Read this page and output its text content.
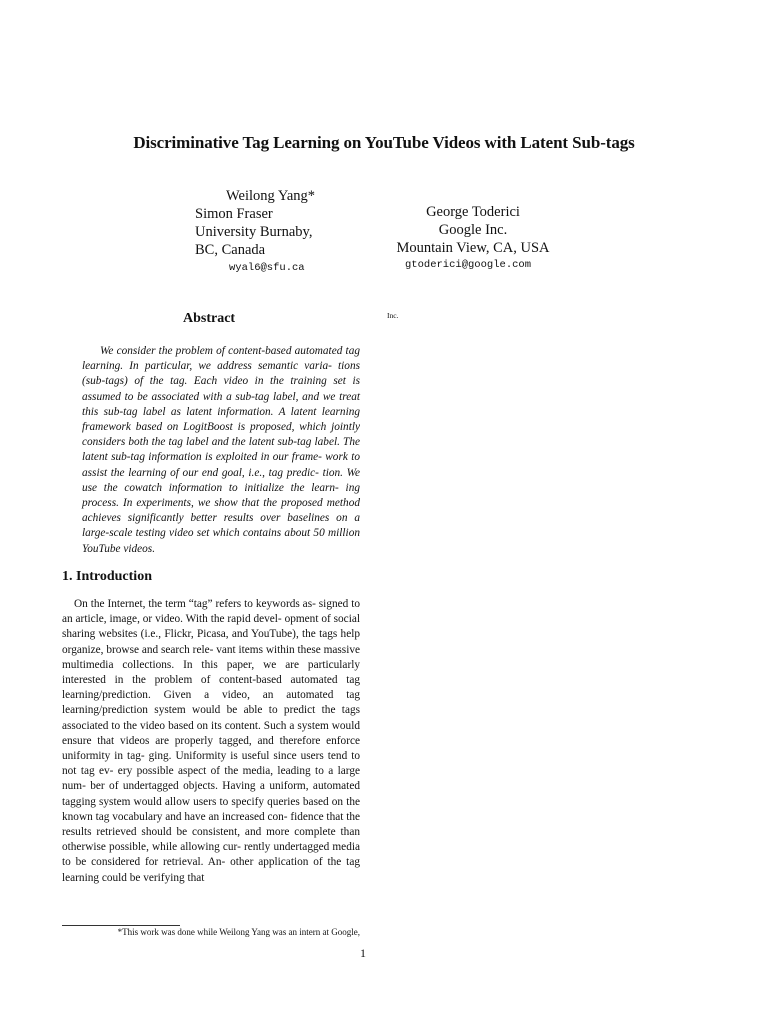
Discriminative Tag Learning on YouTube Videos with Latent Sub-tags
Weilong Yang*
Simon Fraser
University Burnaby,
BC, Canada
wyal6@sfu.ca
George Toderici
Google Inc.
Mountain View, CA, USA
gtoderici@google.com
Inc.
Abstract
We consider the problem of content-based automated tag learning. In particular, we address semantic varia- tions (sub-tags) of the tag. Each video in the training set is assumed to be associated with a sub-tag label, and we treat this sub-tag label as latent information. A latent learning framework based on LogitBoost is proposed, which jointly considers both the tag label and the latent sub-tag label. The latent sub-tag information is exploited in our frame- work to assist the learning of our end goal, i.e., tag predic- tion. We use the cowatch information to initialize the learn- ing process. In experiments, we show that the proposed method achieves significantly better results over baselines on a large-scale testing video set which contains about 50 million YouTube videos.
1. Introduction
On the Internet, the term “tag” refers to keywords as- signed to an article, image, or video. With the rapid devel- opment of social sharing websites (i.e., Flickr, Picasa, and YouTube), the tags help organize, browse and search rele- vant items within these massive multimedia collections. In this paper, we are particularly interested in the problem of content-based automated tag learning/prediction. Given a video, an automated tag learning/prediction system would be able to predict the tags associated to the video based on its content. Such a system would ensure that videos are properly tagged, and therefore enforce uniformity in tag- ging. Uniformity is useful since users tend to not tag ev- ery possible aspect of the media, leading to a large num- ber of undertagged objects. Having a uniform, automated tagging system would allow users to specify queries based on the known tag vocabulary and have an increased con- fidence that the results retrieved should be consistent, and more complete than otherwise possible, while allowing cur- rently undertagged media to be considered for retrieval. An- other application of the tag learning could be verifying that
*This work was done while Weilong Yang was an intern at Google,
1
